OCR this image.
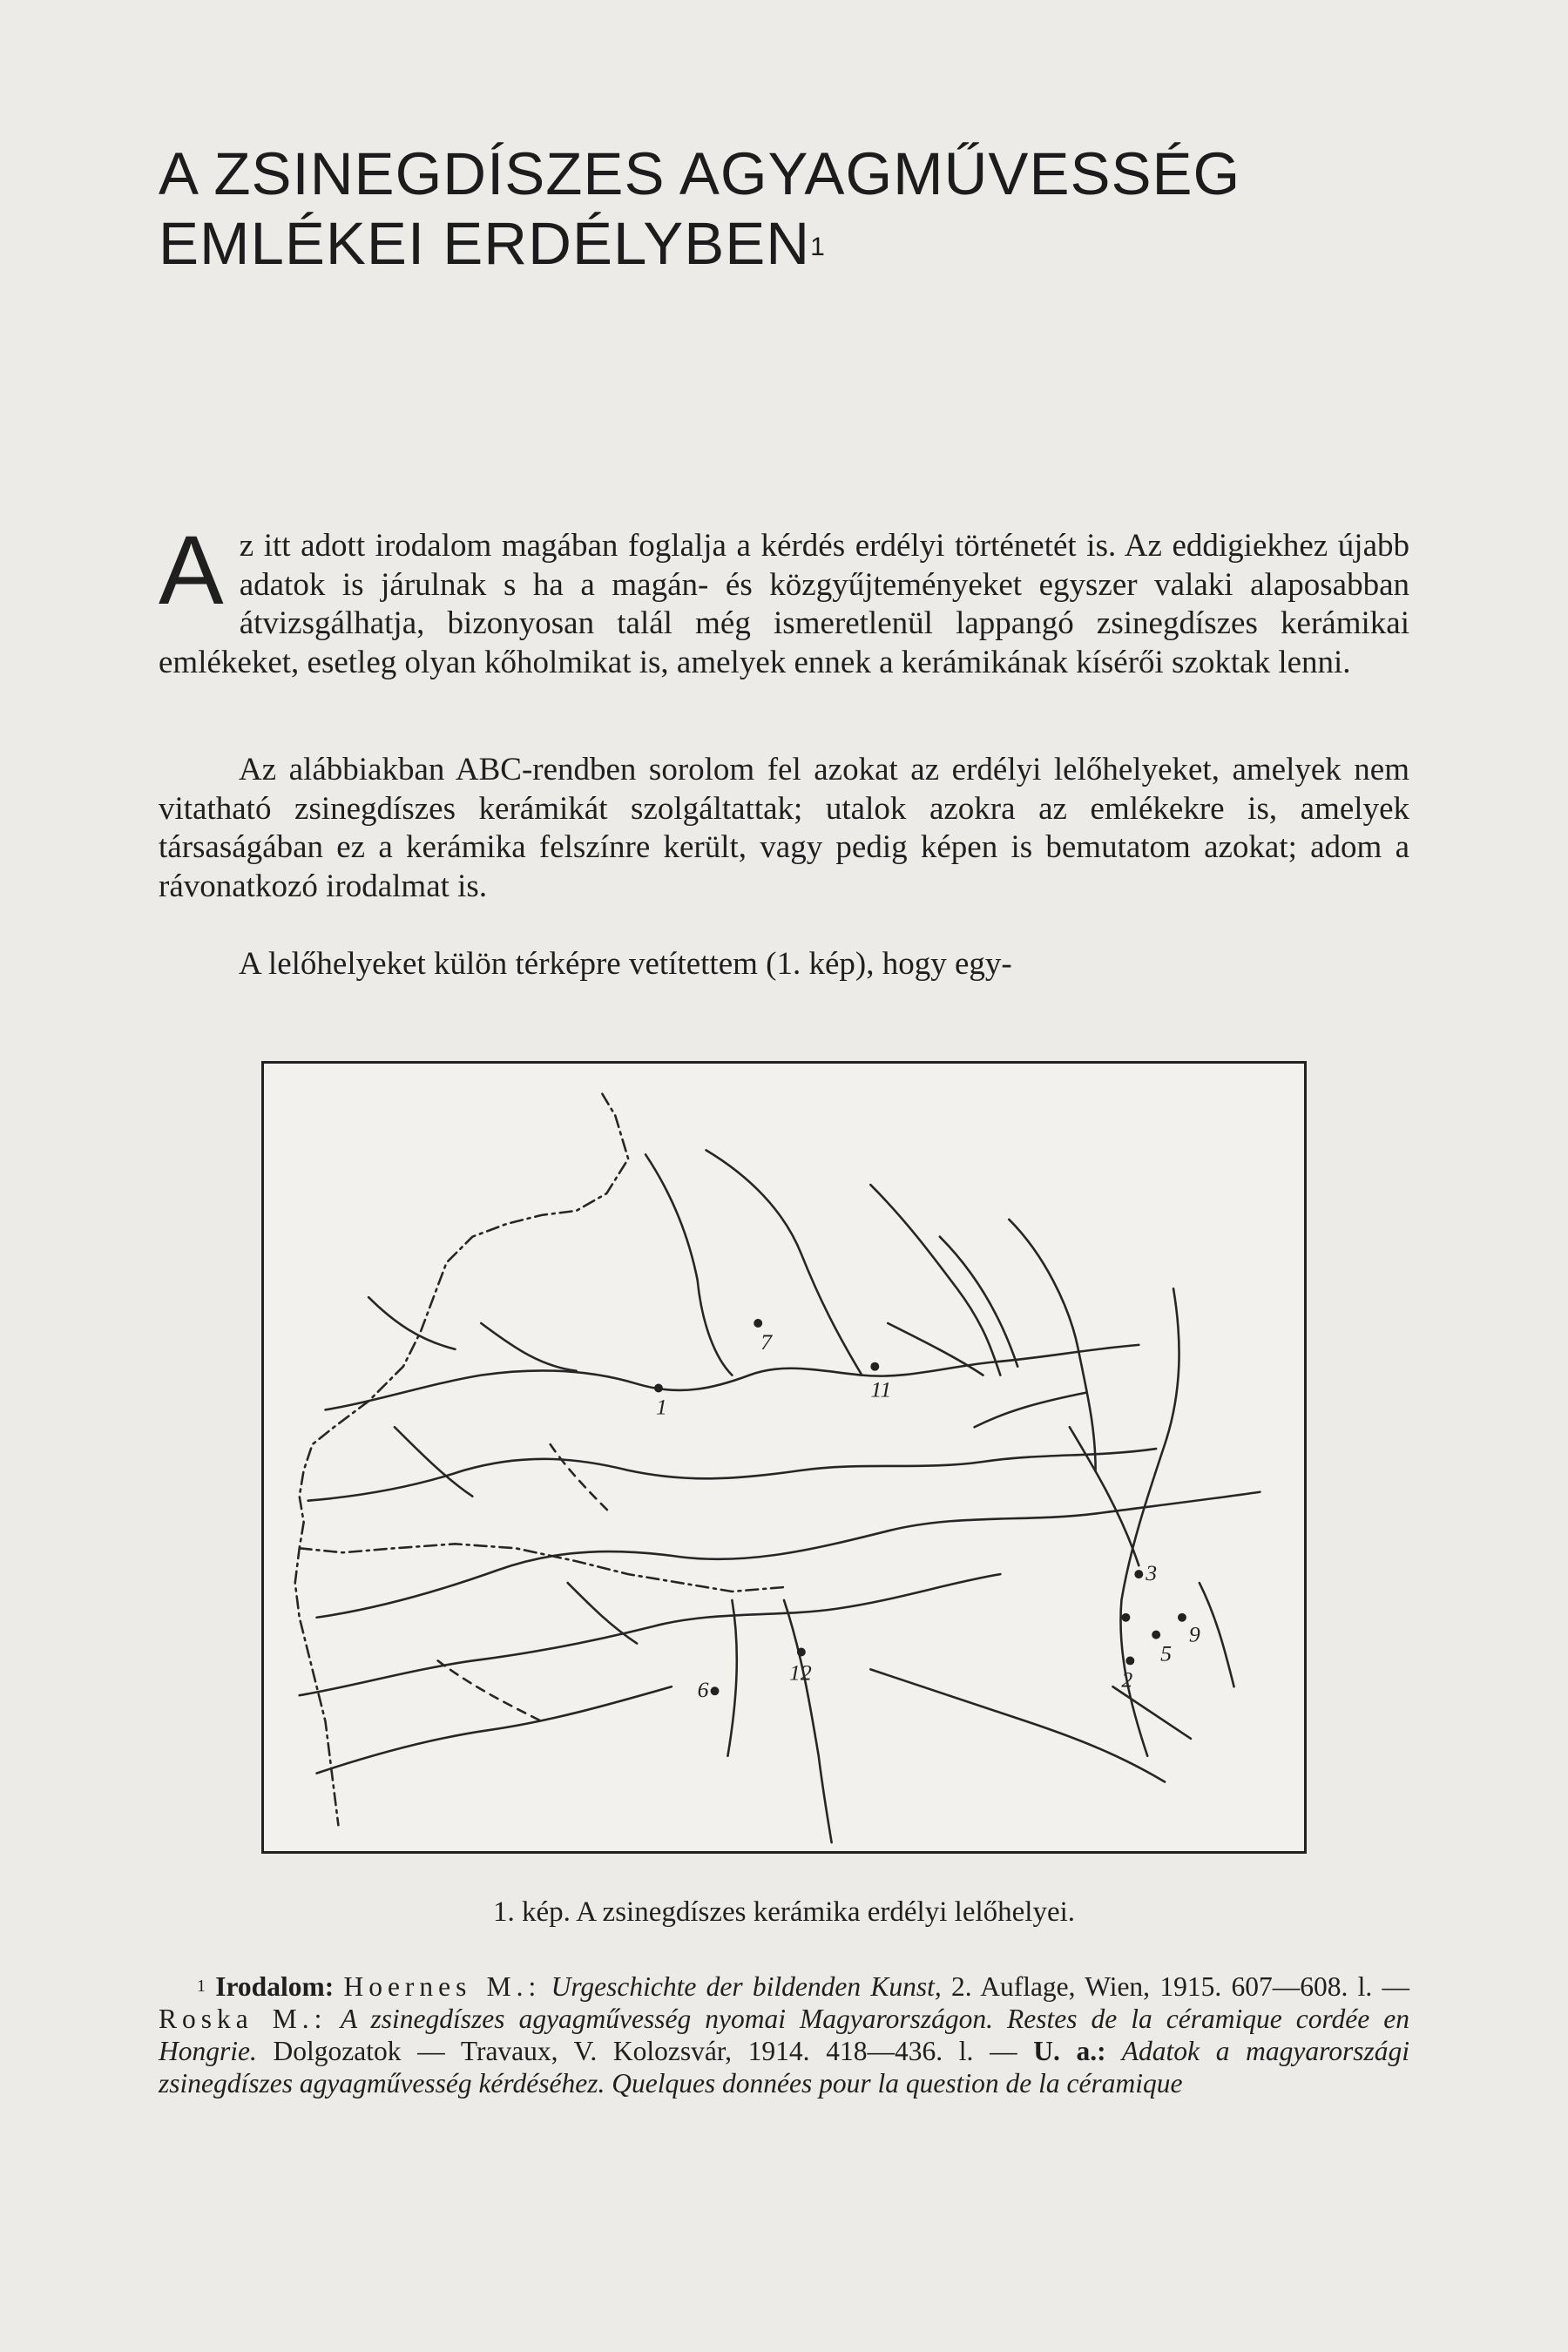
A ZSINEGDÍSZES AGYAGMŰVESSÉG
EMLÉKEI ERDÉLYBEN$^1$
Az itt adott irodalom magában foglalja a kérdés erdélyi történetét is. Az eddigiekhez újabb adatok is járulnak s ha a magán- és közgyűjteményeket egyszer valaki alaposabban átvizsgálhatja, bizonyosan talál még ismeretlenül lappangó zsinegdíszes kerámikai emlékeket, esetleg olyan kőholmikat is, amelyek ennek a kerámikának kísérői szoktak lenni.
Az alábbiakban ABC-rendben sorolom fel azokat az erdélyi lelőhelyeket, amelyek nem vitatható zsinegdíszes kerámikát szolgáltattak; utalok azokra az emlékekre is, amelyek társaságában ez a kerámika felszínre került, vagy pedig képen is bemutatom azokat; adom a rávonatkozó irodalmat is.
A lelőhelyeket külön térképre vetítettem (1. kép), hogy egy-
7
1
11
3
5
9
2
12
6
1. kép. A zsinegdíszes kerámika erdélyi lelőhelyei.
$^1$ Irodalom: Hoernes M.: Urgeschichte der bildenden Kunst, 2. Auflage, Wien, 1915. 607—608. l. — Roska M.: A zsinegdíszes agyagművesség nyomai Magyarországon. Restes de la céramique cordée en Hongrie. Dolgozatok — Travaux, V. Kolozsvár, 1914. 418—436. l. — U. a.: Adatok a magyarországi zsinegdíszes agyagművesség kérdéséhez. Quelques données pour la question de la céramique
